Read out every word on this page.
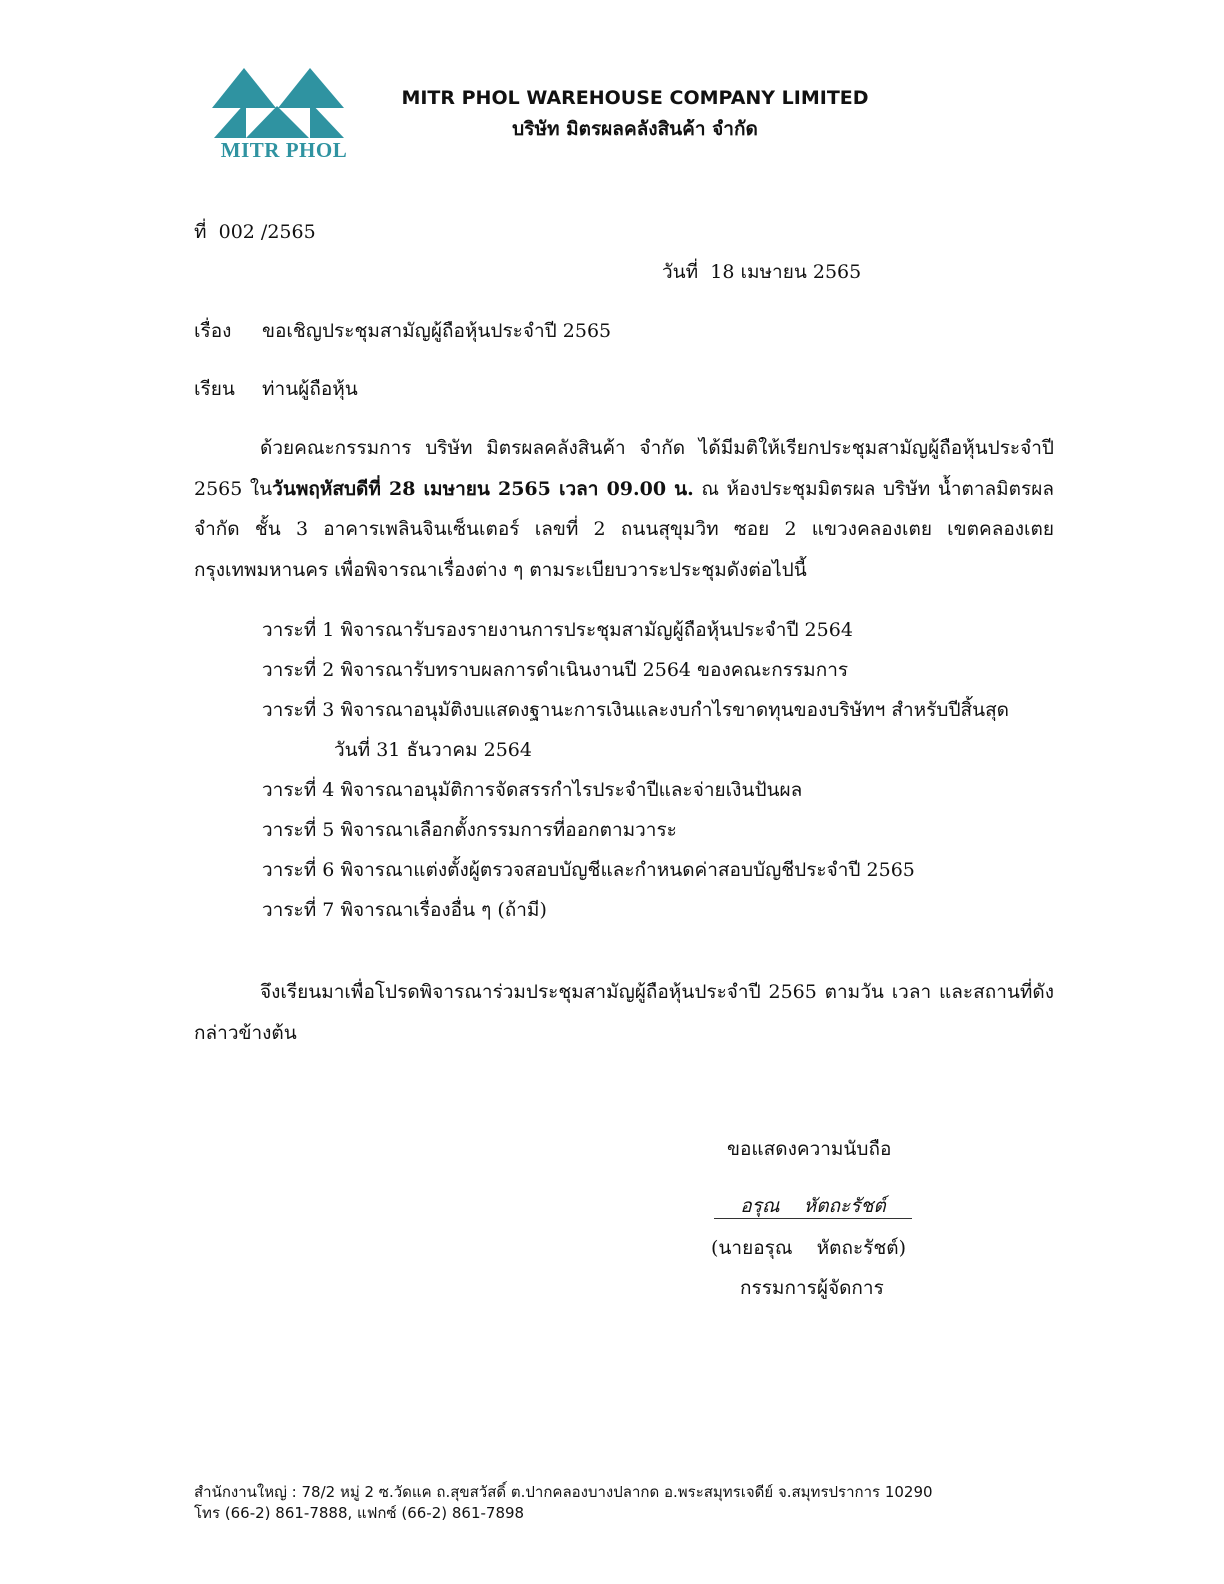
MITR PHOL
MITR PHOL WAREHOUSE COMPANY LIMITED
บริษัท มิตรผลคลังสินค้า จำกัด
ที่ 002 /2565
วันที่ 18 เมษายน 2565
เรื่อง ขอเชิญประชุมสามัญผู้ถือหุ้นประจำปี 2565
เรียน ท่านผู้ถือหุ้น
ด้วยคณะกรรมการ บริษัท มิตรผลคลังสินค้า จำกัด ได้มีมติให้เรียกประชุมสามัญผู้ถือหุ้นประจำปี 2565 ในวันพฤหัสบดีที่ 28 เมษายน 2565 เวลา 09.00 น. ณ ห้องประชุมมิตรผล บริษัท น้ำตาลมิตรผล จำกัด ชั้น 3 อาคารเพลินจินเซ็นเตอร์ เลขที่ 2 ถนนสุขุมวิท ซอย 2 แขวงคลองเตย เขตคลองเตย กรุงเทพมหานคร เพื่อพิจารณาเรื่องต่าง ๆ ตามระเบียบวาระประชุมดังต่อไปนี้
วาระที่ 1 พิจารณารับรองรายงานการประชุมสามัญผู้ถือหุ้นประจำปี 2564
วาระที่ 2 พิจารณารับทราบผลการดำเนินงานปี 2564 ของคณะกรรมการ
วาระที่ 3 พิจารณาอนุมัติงบแสดงฐานะการเงินและงบกำไรขาดทุนของบริษัทฯ สำหรับปีสิ้นสุด
วันที่ 31 ธันวาคม 2564
วาระที่ 4 พิจารณาอนุมัติการจัดสรรกำไรประจำปีและจ่ายเงินปันผล
วาระที่ 5 พิจารณาเลือกตั้งกรรมการที่ออกตามวาระ
วาระที่ 6 พิจารณาแต่งตั้งผู้ตรวจสอบบัญชีและกำหนดค่าสอบบัญชีประจำปี 2565
วาระที่ 7 พิจารณาเรื่องอื่น ๆ (ถ้ามี)
จึงเรียนมาเพื่อโปรดพิจารณาร่วมประชุมสามัญผู้ถือหุ้นประจำปี 2565 ตามวัน เวลา และสถานที่ดังกล่าวข้างต้น
ขอแสดงความนับถือ
อรุณ    หัตถะรัชต์
(นายอรุณ    หัตถะรัชต์)
กรรมการผู้จัดการ
สำนักงานใหญ่ : 78/2 หมู่ 2 ซ.วัดแค ถ.สุขสวัสดิ์ ต.ปากคลองบางปลากด อ.พระสมุทรเจดีย์ จ.สมุทรปราการ 10290
โทร (66-2) 861-7888, แฟกซ์ (66-2) 861-7898
